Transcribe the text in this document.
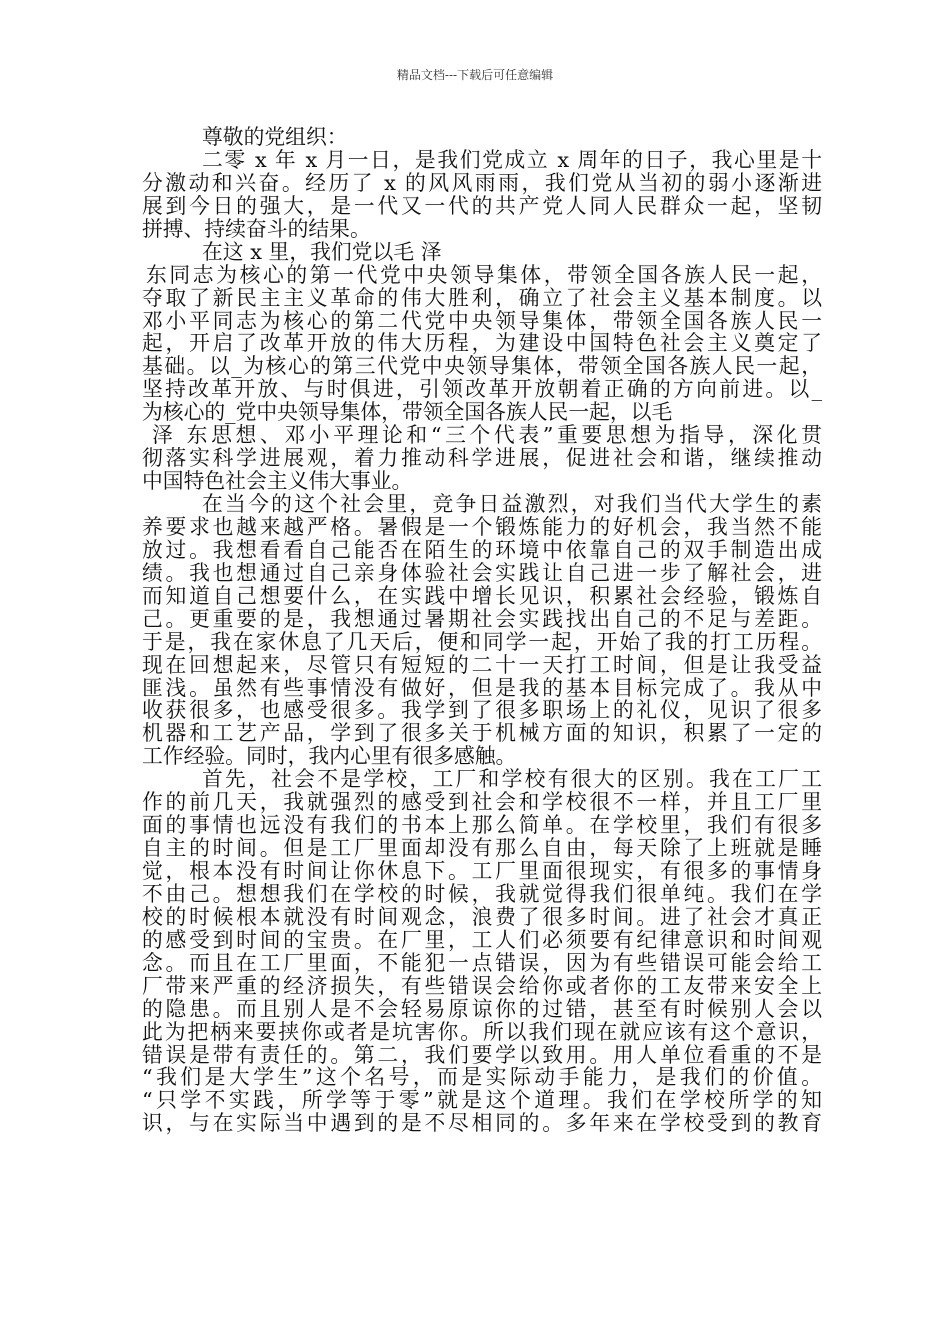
精品文档---下载后可任意编辑
尊敬的党组织：
二零 x 年 x 月一日，是我们党成立 x 周年的日子，我心里是十
分激动和兴奋。经历了 x 的风风雨雨，我们党从当初的弱小逐渐进
展到今日的强大，是一代又一代的共产党人同人民群众一起，坚韧
拼搏、持续奋斗的结果。
在这 x 里，我们党以毛 泽
东同志为核心的第一代党中央领导集体，带领全国各族人民一起，
夺取了新民主主义革命的伟大胜利，确立了社会主义基本制度。以
邓小平同志为核心的第二代党中央领导集体，带领全国各族人民一
起，开启了改革开放的伟大历程，为建设中国特色社会主义奠定了
基础。以_为核心的第三代党中央领导集体，带领全国各族人民一起，
坚持改革开放、与时俱进，引领改革开放朝着正确的方向前进。以_
为核心的_党中央领导集体，带领全国各族人民一起，以毛
泽 东思想、邓小平理论和“三个代表”重要思想为指导，深化贯
彻落实科学进展观，着力推动科学进展，促进社会和谐，继续推动
中国特色社会主义伟大事业。
在当今的这个社会里，竞争日益激烈，对我们当代大学生的素
养要求也越来越严格。暑假是一个锻炼能力的好机会，我当然不能
放过。我想看看自己能否在陌生的环境中依靠自己的双手制造出成
绩。我也想通过自己亲身体验社会实践让自己进一步了解社会，进
而知道自己想要什么，在实践中增长见识，积累社会经验，锻炼自
己。更重要的是，我想通过暑期社会实践找出自己的不足与差距。
于是，我在家休息了几天后，便和同学一起，开始了我的打工历程。
现在回想起来，尽管只有短短的二十一天打工时间，但是让我受益
匪浅。虽然有些事情没有做好，但是我的基本目标完成了。我从中
收获很多，也感受很多。我学到了很多职场上的礼仪，见识了很多
机器和工艺产品，学到了很多关于机械方面的知识，积累了一定的
工作经验。同时，我内心里有很多感触。
首先，社会不是学校，工厂和学校有很大的区别。我在工厂工
作的前几天，我就强烈的感受到社会和学校很不一样，并且工厂里
面的事情也远没有我们的书本上那么简单。在学校里，我们有很多
自主的时间。但是工厂里面却没有那么自由，每天除了上班就是睡
觉，根本没有时间让你休息下。工厂里面很现实，有很多的事情身
不由己。想想我们在学校的时候，我就觉得我们很单纯。我们在学
校的时候根本就没有时间观念，浪费了很多时间。进了社会才真正
的感受到时间的宝贵。在厂里，工人们必须要有纪律意识和时间观
念。而且在工厂里面，不能犯一点错误，因为有些错误可能会给工
厂带来严重的经济损失，有些错误会给你或者你的工友带来安全上
的隐患。而且别人是不会轻易原谅你的过错，甚至有时候别人会以
此为把柄来要挟你或者是坑害你。所以我们现在就应该有这个意识，
错误是带有责任的。第二，我们要学以致用。用人单位看重的不是
“我们是大学生”这个名号，而是实际动手能力，是我们的价值。
“只学不实践，所学等于零”就是这个道理。我们在学校所学的知
识，与在实际当中遇到的是不尽相同的。多年来在学校受到的教育
